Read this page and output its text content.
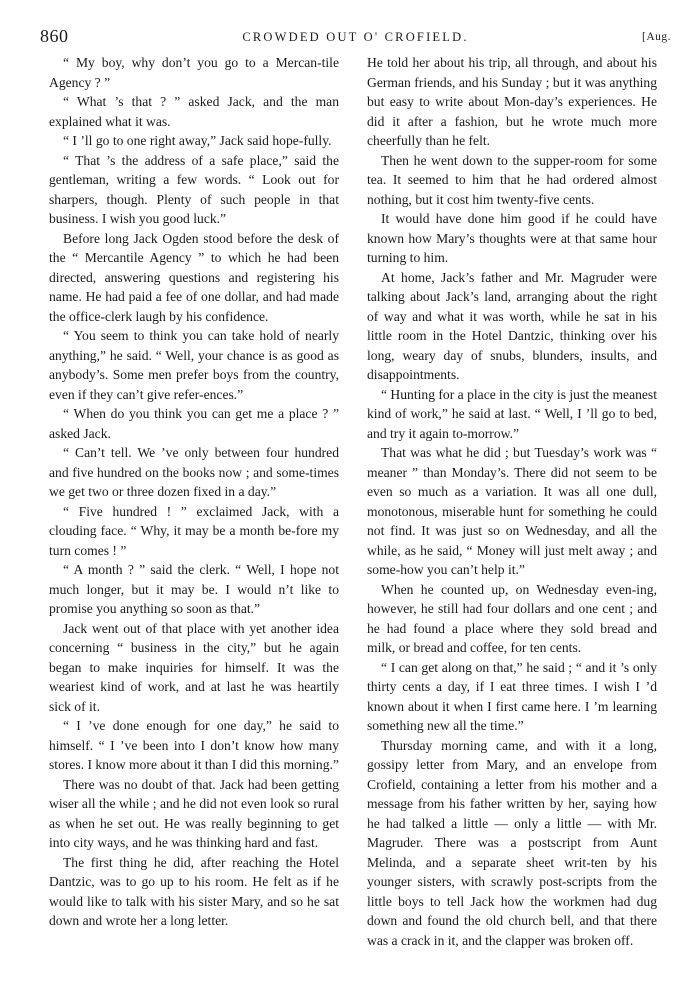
860	CROWDED OUT O' CROFIELD.	[Aug.

“ My boy, why don’t you go to a Mercan-tile Agency ? ”

“ What ’s that ? ” asked Jack, and the man explained what it was.

“ I ’ll go to one right away,” Jack said hope-fully.

“ That ’s the address of a safe place,” said the gentleman, writing a few words. “ Look out for sharpers, though. Plenty of such people in that business. I wish you good luck.”

Before long Jack Ogden stood before the desk of the “ Mercantile Agency ” to which he had been directed, answering questions and registering his name. He had paid a fee of one dollar, and had made the office-clerk laugh by his confidence.

“ You seem to think you can take hold of nearly anything,” he said. “ Well, your chance is as good as anybody’s. Some men prefer boys from the country, even if they can’t give refer-ences.”

“ When do you think you can get me a place ? ” asked Jack.

“ Can’t tell. We ’ve only between four hundred and five hundred on the books now ; and some-times we get two or three dozen fixed in a day.”

“ Five hundred ! ” exclaimed Jack, with a clouding face. “ Why, it may be a month be-fore my turn comes ! ”

“ A month ? ” said the clerk. “ Well, I hope not much longer, but it may be. I would n’t like to promise you anything so soon as that.”

Jack went out of that place with yet another idea concerning “ business in the city,” but he again began to make inquiries for himself. It was the weariest kind of work, and at last he was heartily sick of it.

“ I ’ve done enough for one day,” he said to himself. “ I ’ve been into I don’t know how many stores. I know more about it than I did this morning.”

There was no doubt of that. Jack had been getting wiser all the while ; and he did not even look so rural as when he set out. He was really beginning to get into city ways, and he was thinking hard and fast.

The first thing he did, after reaching the Hotel Dantzic, was to go up to his room. He felt as if he would like to talk with his sister Mary, and so he sat down and wrote her a long letter.

He told her about his trip, all through, and about his German friends, and his Sunday ; but it was anything but easy to write about Mon-day’s experiences. He did it after a fashion, but he wrote much more cheerfully than he felt.

Then he went down to the supper-room for some tea. It seemed to him that he had ordered almost nothing, but it cost him twenty-five cents.

It would have done him good if he could have known how Mary’s thoughts were at that same hour turning to him.

At home, Jack’s father and Mr. Magruder were talking about Jack’s land, arranging about the right of way and what it was worth, while he sat in his little room in the Hotel Dantzic, thinking over his long, weary day of snubs, blunders, insults, and disappointments.

“ Hunting for a place in the city is just the meanest kind of work,” he said at last. “ Well, I ’ll go to bed, and try it again to-morrow.”

That was what he did ; but Tuesday’s work was “ meaner ” than Monday’s. There did not seem to be even so much as a variation. It was all one dull, monotonous, miserable hunt for something he could not find. It was just so on Wednesday, and all the while, as he said, “ Money will just melt away ; and some-how you can’t help it.”

When he counted up, on Wednesday even-ing, however, he still had four dollars and one cent ; and he had found a place where they sold bread and milk, or bread and coffee, for ten cents.

“ I can get along on that,” he said ; “ and it ’s only thirty cents a day, if I eat three times. I wish I ’d known about it when I first came here. I ’m learning something new all the time.”

Thursday morning came, and with it a long, gossipy letter from Mary, and an envelope from Crofield, containing a letter from his mother and a message from his father written by her, saying how he had talked a little — only a little — with Mr. Magruder. There was a postscript from Aunt Melinda, and a separate sheet writ-ten by his younger sisters, with scrawly post-scripts from the little boys to tell Jack how the workmen had dug down and found the old church bell, and that there was a crack in it, and the clapper was broken off.
